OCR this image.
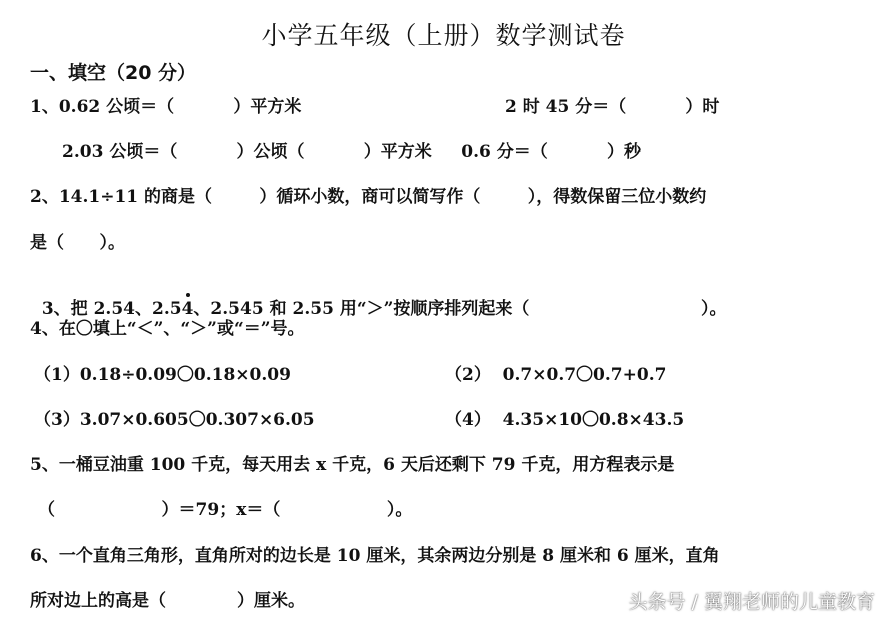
小学五年级（上册）数学测试卷
一、填空（20 分）
1、0.62 公顷＝（          ）平方米	2 时 45 分＝（          ）时
2.03 公顷＝（          ）公顷（          ）平方米     0.6 分＝（          ）秒
2、14.1÷11 的商是（        ）循环小数，商可以简写作（        ），得数保留三位小数约
是（      ）。

3、把 2.54、2.5
4、2.545 和 2.55 用“＞”按顺序排列起来（                             ）。

4、在〇填上“＜”、“＞”或“＝”号。
（1）0.18÷0.09〇0.18×0.09	（2）  0.7×0.7〇0.7+0.7
（3）3.07×0.605〇0.307×6.05	（4）  4.35×10〇0.8×43.5
5、一桶豆油重 100 千克，每天用去 x 千克，6 天后还剩下 79 千克，用方程表示是
（                  ）＝79；x＝（                  ）。
6、一个直角三角形，直角所对的边长是 10 厘米，其余两边分别是 8 厘米和 6 厘米，直角
所对边上的高是（            ）厘米。	头条号 / 翼翔老师的儿童教育
